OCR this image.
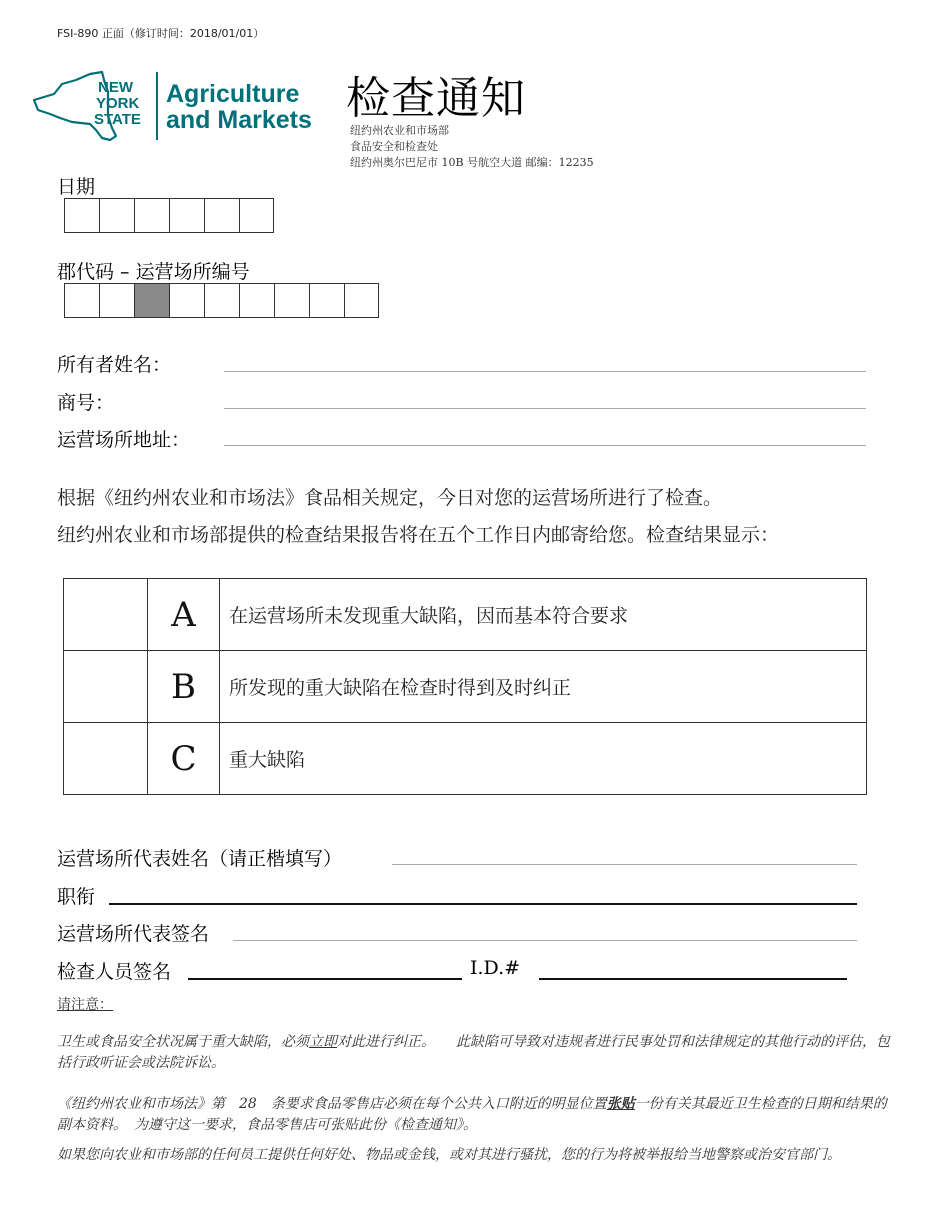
FSI-890 正面（修订时间：2018/01/01）
NEW
YORK
STATE
Agriculture
and Markets 检查通知
纽约州农业和市场部
食品安全和检查处
纽约州奥尔巴尼市 10B 号航空大道 邮编：12235
日期
郡代码 – 运营场所编号
所有者姓名：
商号：
运营场所地址：
根据《纽约州农业和市场法》食品相关规定，今日对您的运营场所进行了检查。
纽约州农业和市场部提供的检查结果报告将在五个工作日内邮寄给您。检查结果显示：
	A	在运营场所未发现重大缺陷，因而基本符合要求
	B	所发现的重大缺陷在检查时得到及时纠正
	C	重大缺陷
运营场所代表姓名（请正楷填写）
职衔
运营场所代表签名
检查人员签名	I.D.#
请注意：
卫生或食品安全状况属于重大缺陷，必须立即对此进行纠正。　　此缺陷可导致对违规者进行民事处罚和法律规定的其他行动的评估，包括行政听证会或法院诉讼。
《纽约州农业和市场法》第　28　条要求食品零售店必须在每个公共入口附近的明显位置张贴一份有关其最近卫生检查的日期和结果的副本资料。　为遵守这一要求，食品零售店可张贴此份《检查通知》。
如果您向农业和市场部的任何员工提供任何好处、物品或金钱，或对其进行骚扰，您的行为将被举报给当地警察或治安官部门。
